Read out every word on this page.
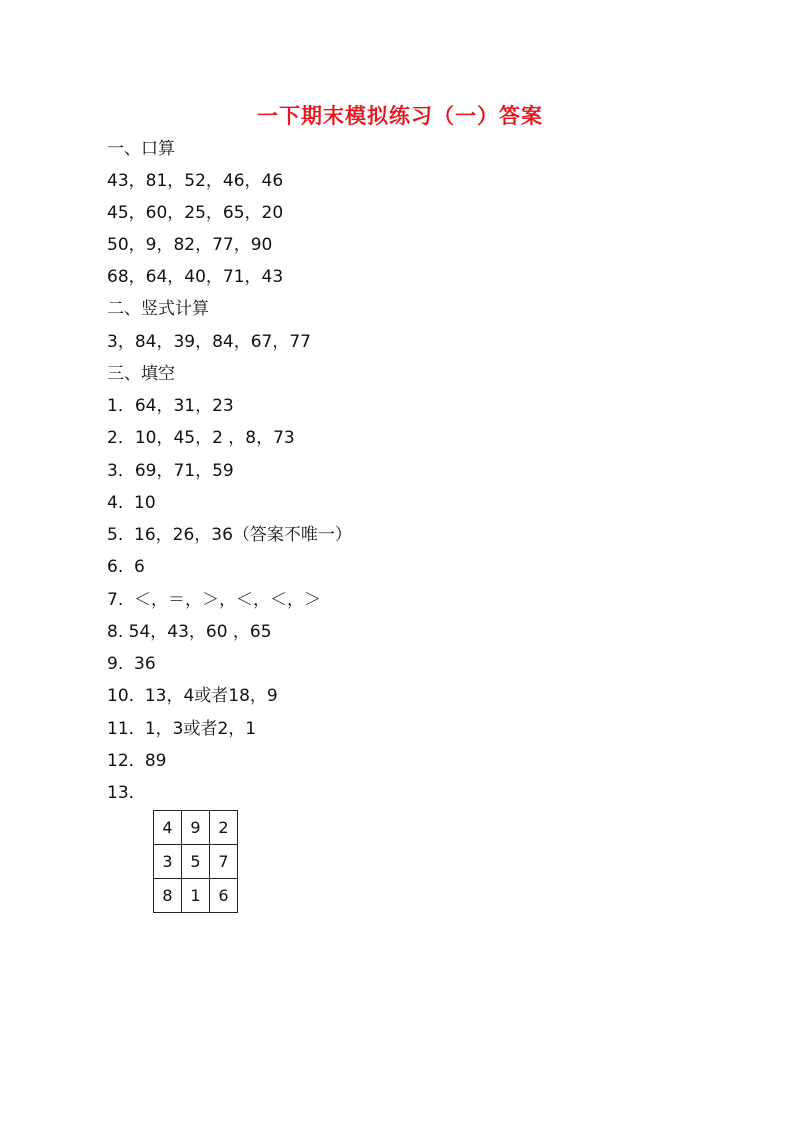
一下期末模拟练习（一）答案
一、口算
43，81，52，46，46
45，60，25，65，20
50，9，82，77，90
68，64，40，71，43
二、竖式计算
3，84，39，84，67，77
三、填空
1．64，31，23
2．10，45，2 ，8，73
3．69，71，59
4.  10
5.  16，26，36（答案不唯一）
6.  6
7.  ＜，＝，＞，＜，＜，＞
8. 54，43，60 ，65
9.  36
10.  13，4或者18，9
11.  1，3或者2，1
12.  89
13.
4	9	2
3	5	7
8	1	6
